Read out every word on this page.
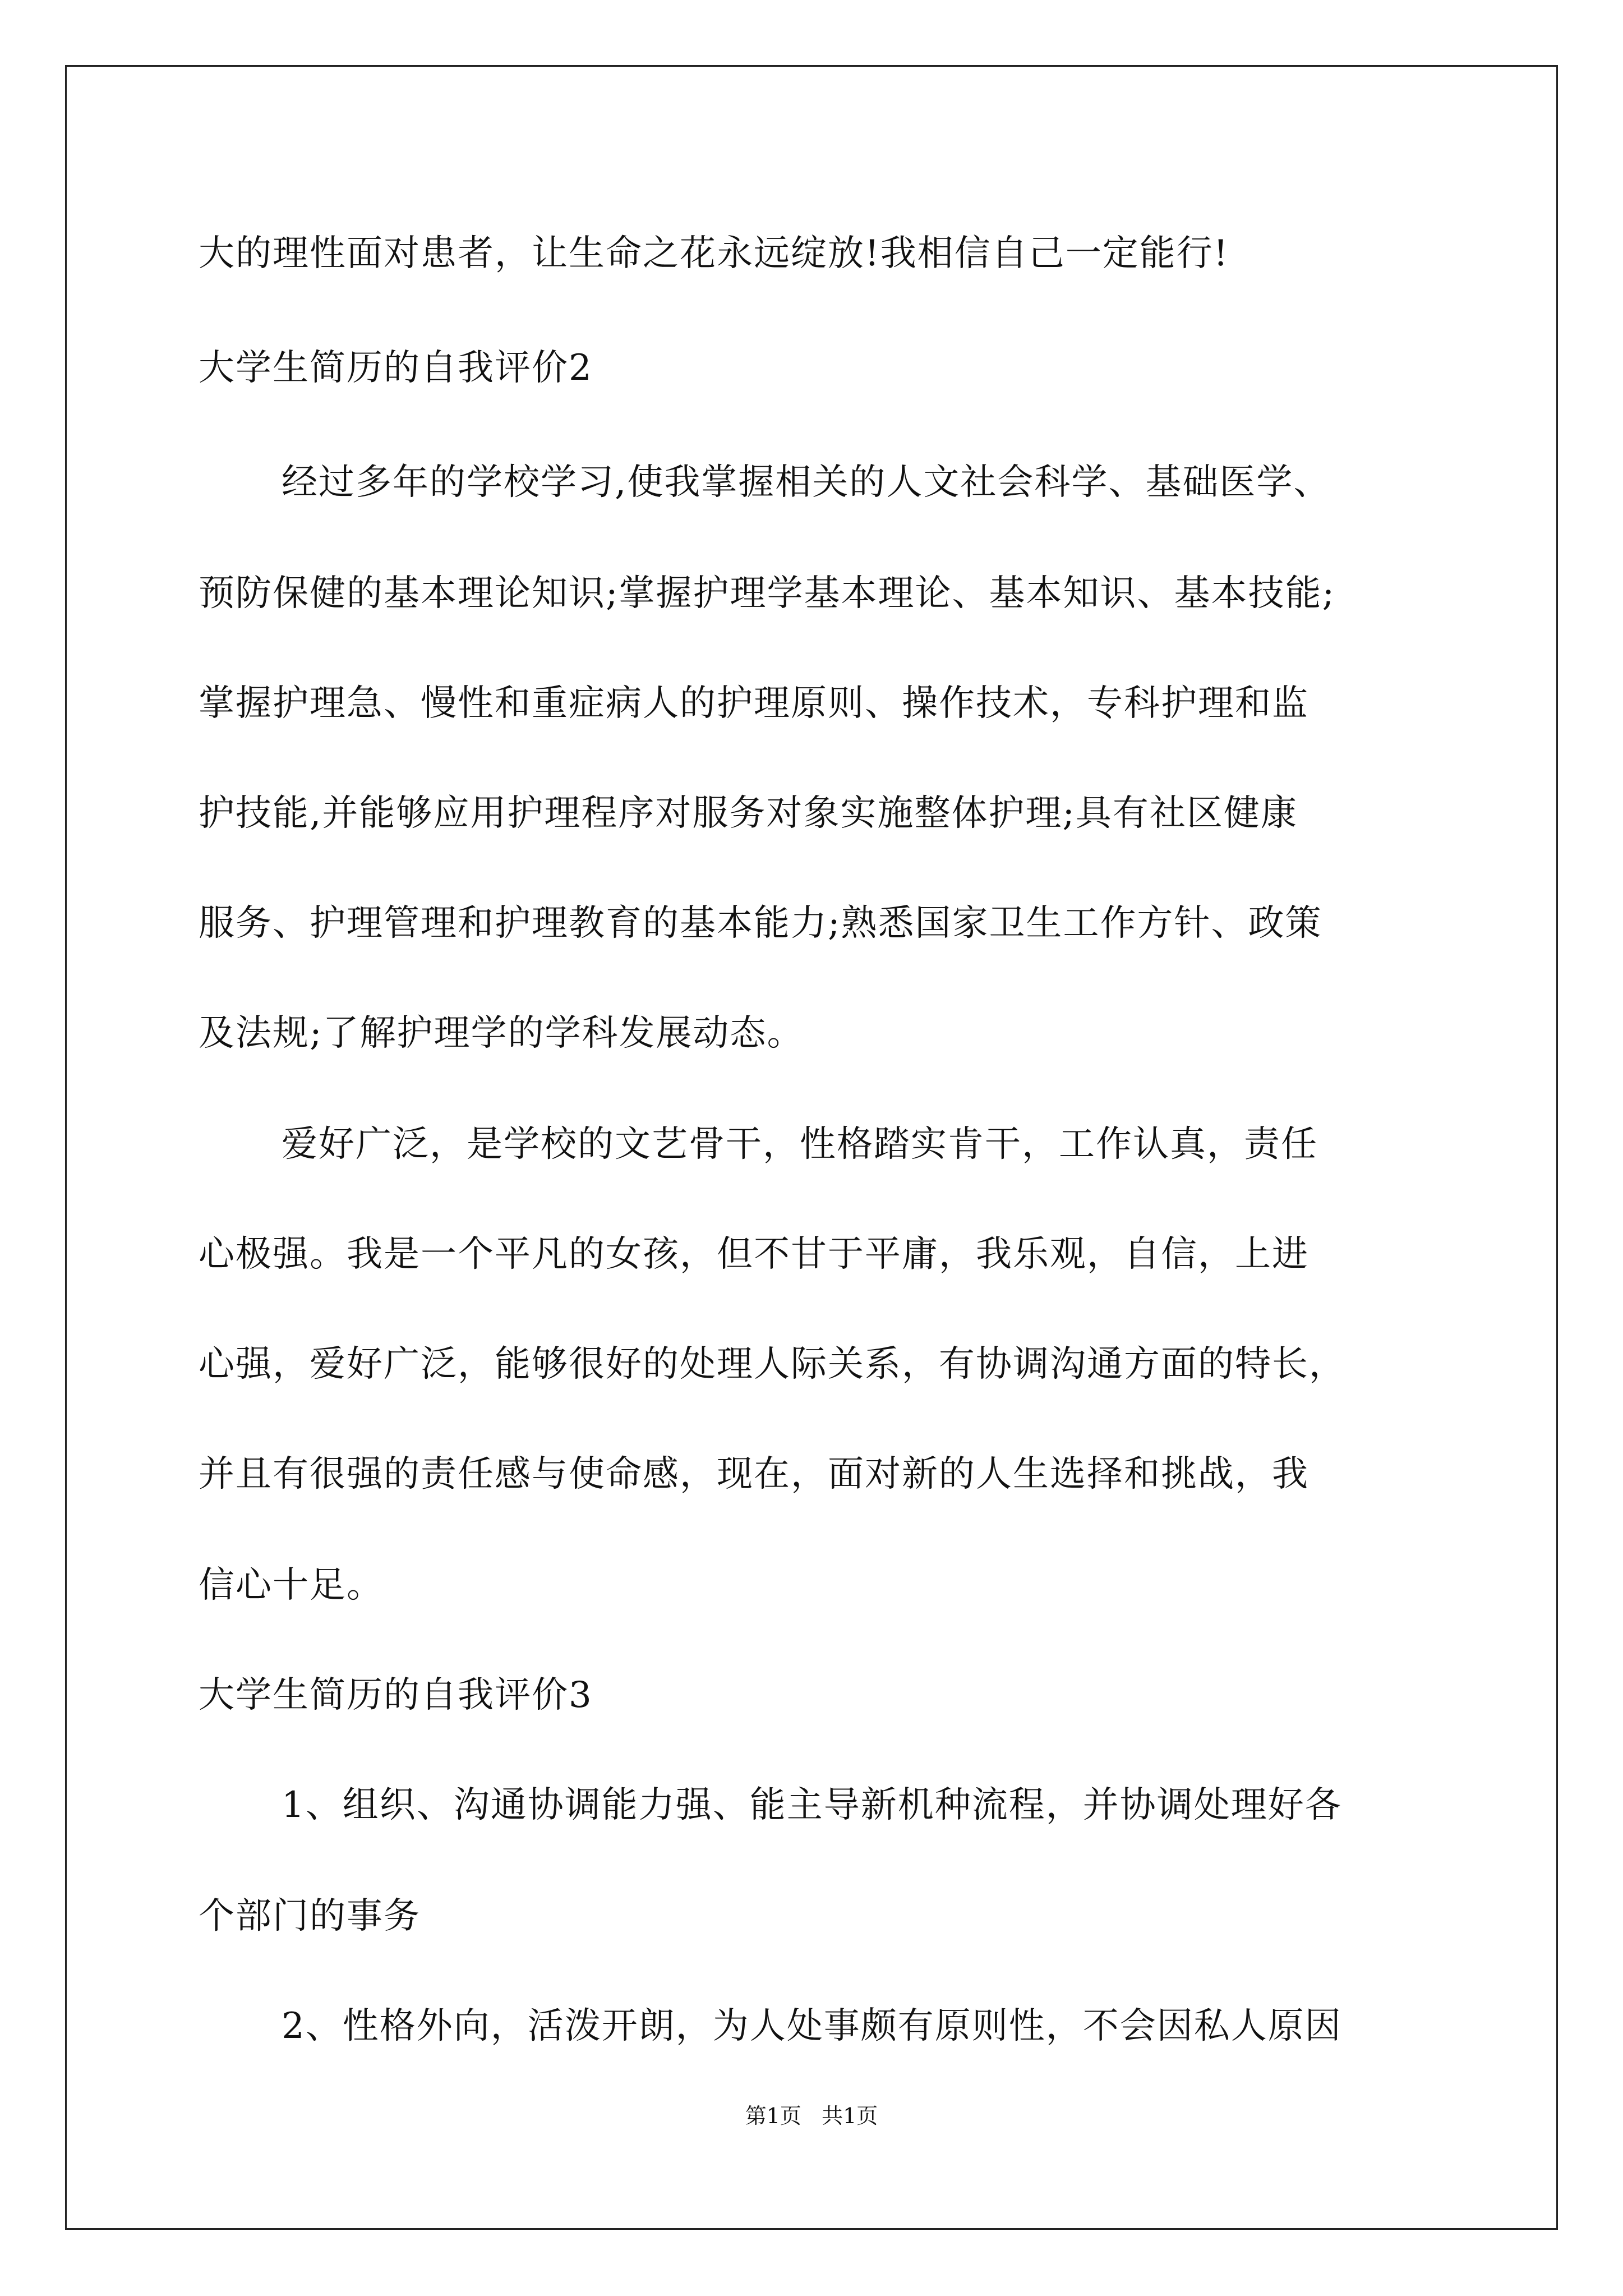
大的理性面对患者，让生命之花永远绽放!我相信自己一定能行!
大学生简历的自我评价2
经过多年的学校学习,使我掌握相关的人文社会科学、基础医学、
预防保健的基本理论知识;掌握护理学基本理论、基本知识、基本技能;
掌握护理急、慢性和重症病人的护理原则、操作技术，专科护理和监
护技能,并能够应用护理程序对服务对象实施整体护理;具有社区健康
服务、护理管理和护理教育的基本能力;熟悉国家卫生工作方针、政策
及法规;了解护理学的学科发展动态。
爱好广泛，是学校的文艺骨干，性格踏实肯干，工作认真，责任
心极强。我是一个平凡的女孩，但不甘于平庸，我乐观，自信，上进
心强，爱好广泛，能够很好的处理人际关系，有协调沟通方面的特长，
并且有很强的责任感与使命感，现在，面对新的人生选择和挑战，我
信心十足。
大学生简历的自我评价3
1、组织、沟通协调能力强、能主导新机种流程，并协调处理好各
个部门的事务
2、性格外向，活泼开朗，为人处事颇有原则性，不会因私人原因
第1页   共1页
